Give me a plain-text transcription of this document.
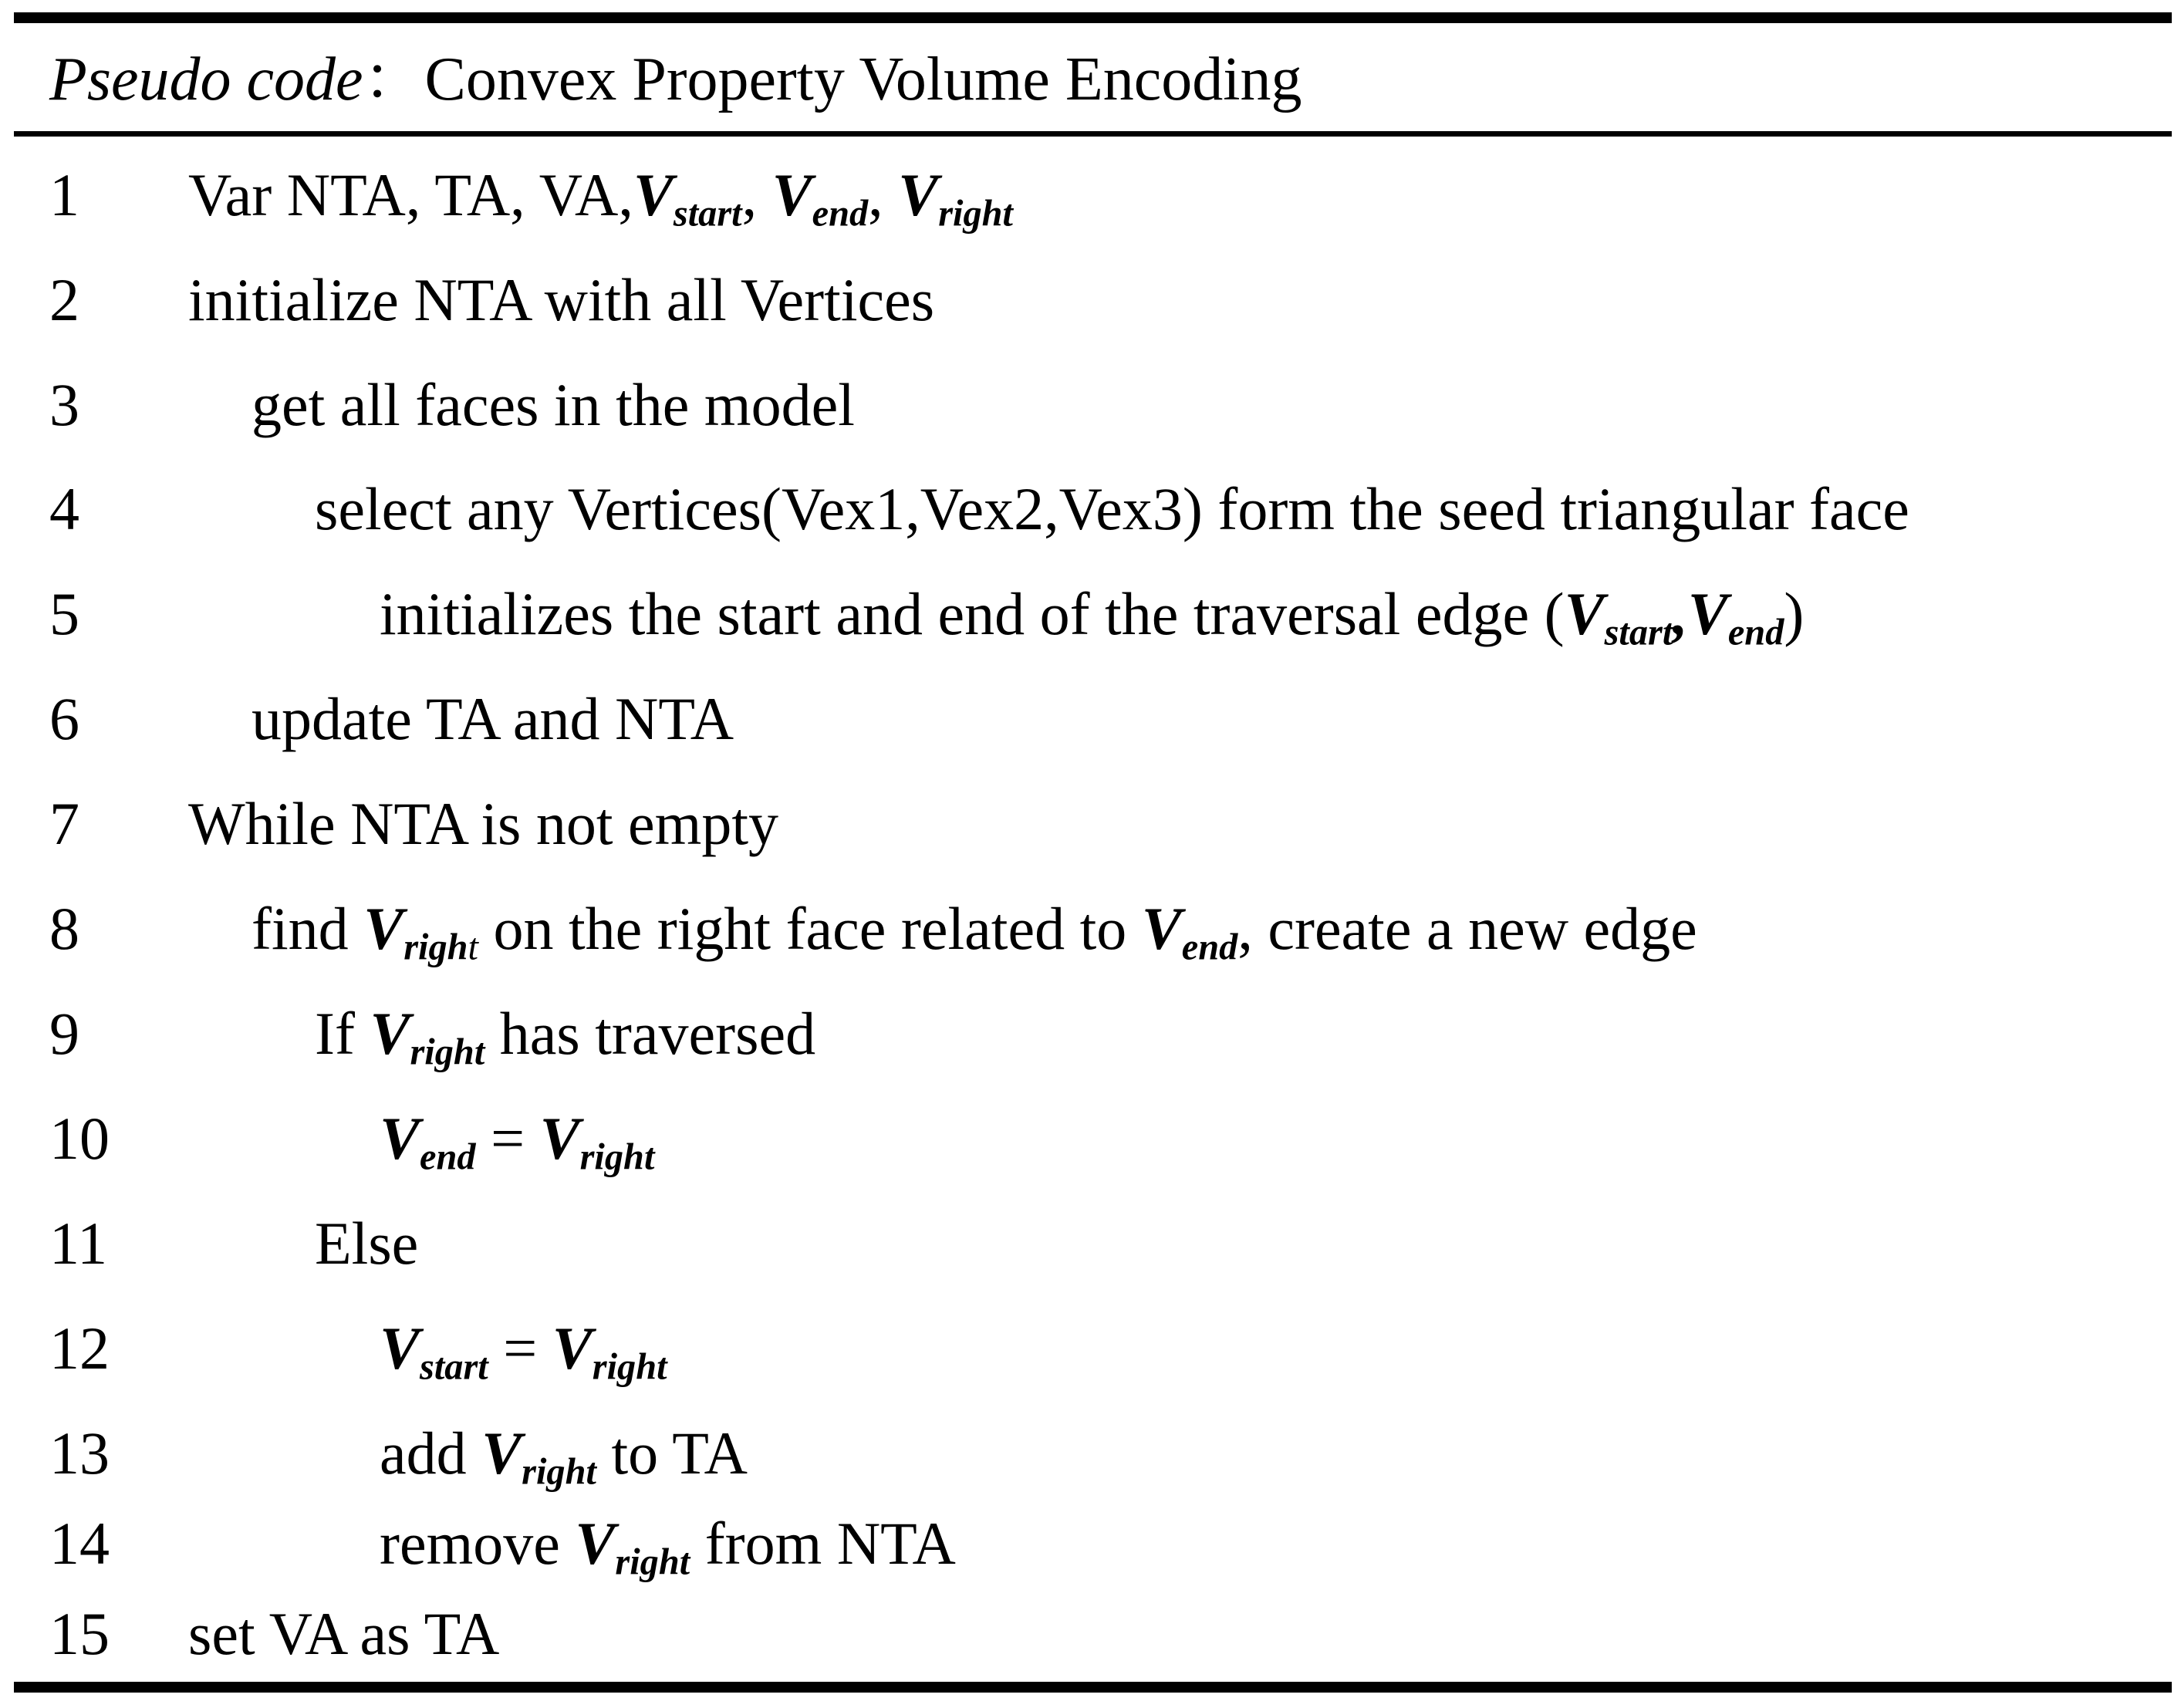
Pseudo code：Convex Property Volume Encoding
1 Var NTA, TA, $VA,V_{start}$, $V_{end}$, $V_{right}$
2 initialize NTA with all Vertices
3	get all faces in the model
4	select any Vertices(Vex1,Vex2,Vex3) form the seed triangular face
5	initializes the start and end of the traversal edge $(V_{start},V_{end})$
6	update TA and NTA
7 While NTA is not empty
8	find $V_{right}$ on the right face related to $V_{end}$, create a new edge
9	If $V_{right}$ has traversed
10	$V_{end} = V_{right}$
11	Else
12	$V_{start} = V_{right}$
13	add $V_{right}$ to TA
14	remove $V_{right}$ from NTA
15 set VA as TA
